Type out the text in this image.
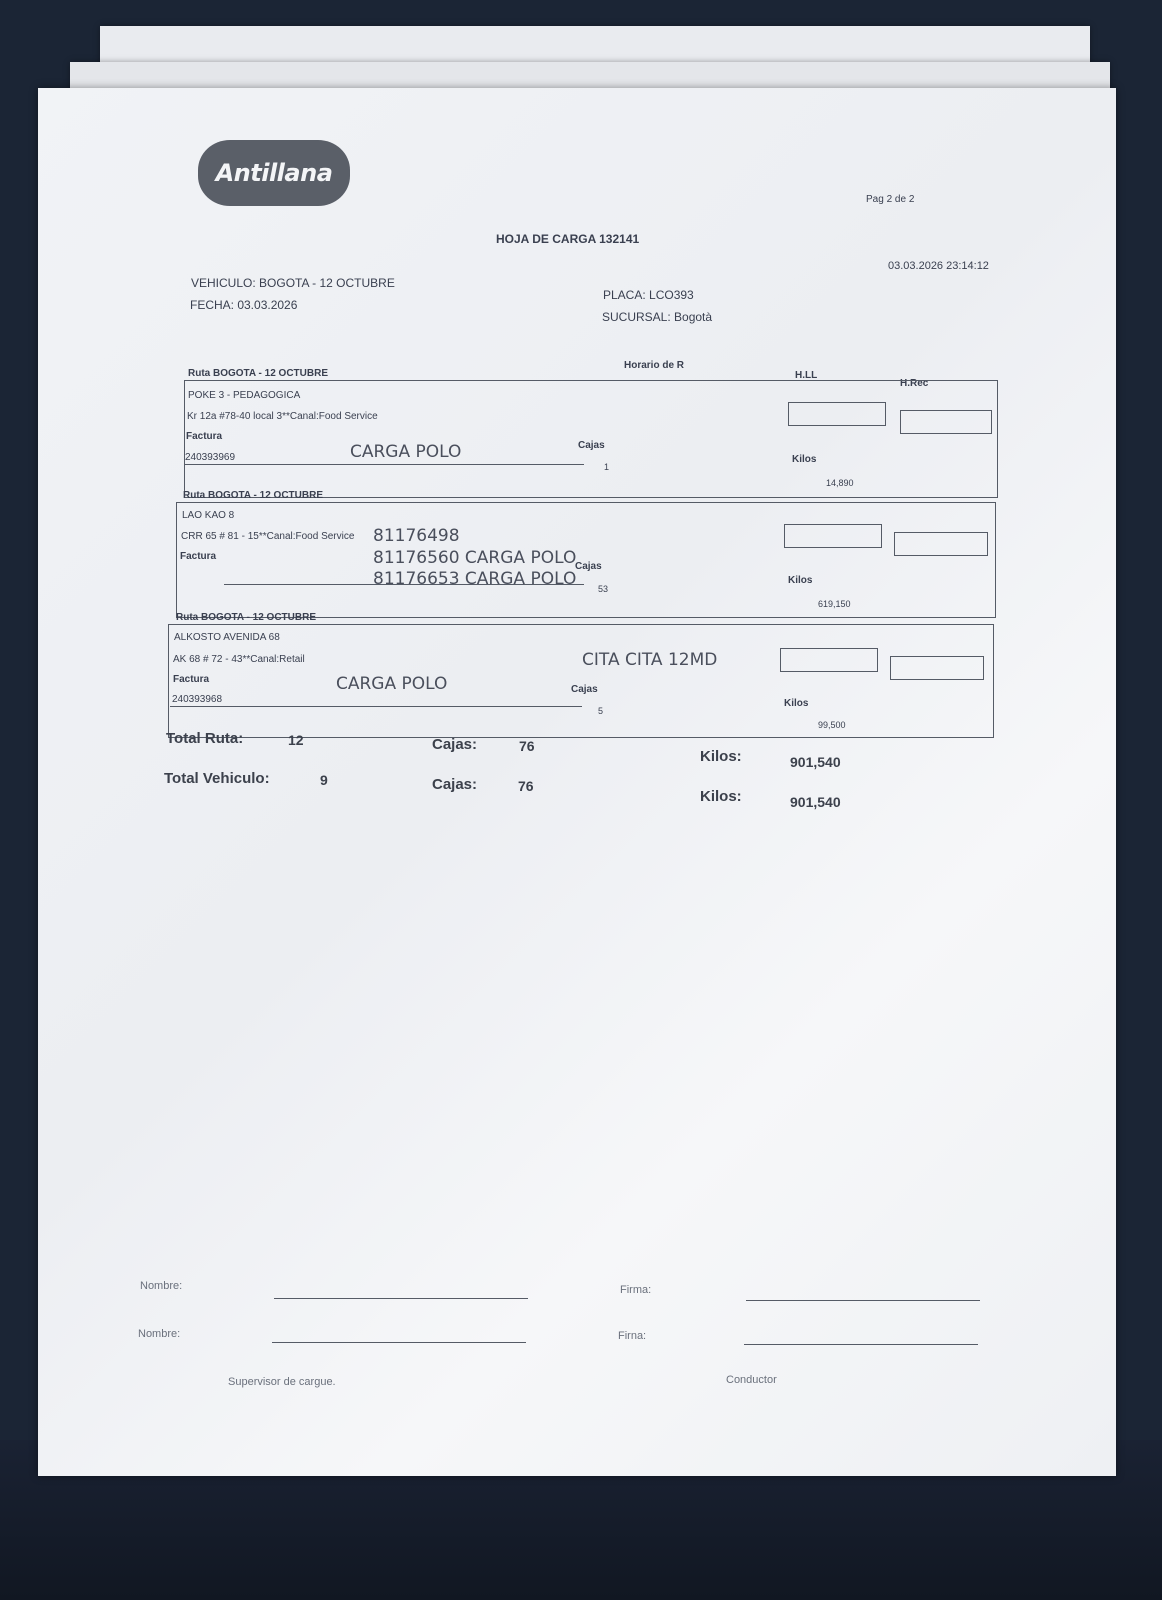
Antillana
Pag 2 de 2
HOJA DE CARGA 132141
03.03.2026 23:14:12
VEHICULO: BOGOTA - 12 OCTUBRE
FECHA: 03.03.2026
PLACA: LCO393
SUCURSAL: Bogotà
Horario de R
H.LL
H.Rec
Ruta BOGOTA - 12 OCTUBRE
POKE 3 - PEDAGOGICA
Kr 12a #78-40 local 3**Canal:Food Service
Factura
240393969	CARGA POLO	Cajas
1
Kilos
14,890
Ruta BOGOTA - 12 OCTUBRE
LAO KAO 8
CRR 65 # 81 - 15**Canal:Food Service
Factura
81176498
81176560 CARGA POLO
81176653 CARGA POLO
Cajas
53
Kilos
619,150
Ruta BOGOTA - 12 OCTUBRE
ALKOSTO AVENIDA 68
AK 68 # 72 - 43**Canal:Retail
Factura
240393968
CARGA POLO
CITA CITA 12MD
Cajas
5
Kilos
99,500
Total Ruta:	12	Cajas:	76
Kilos:	901,540
Total Vehiculo:	9	Cajas:	76
Kilos:	901,540
Nombre:	Firma:
Nombre:	Firna:
Supervisor de cargue.	Conductor
